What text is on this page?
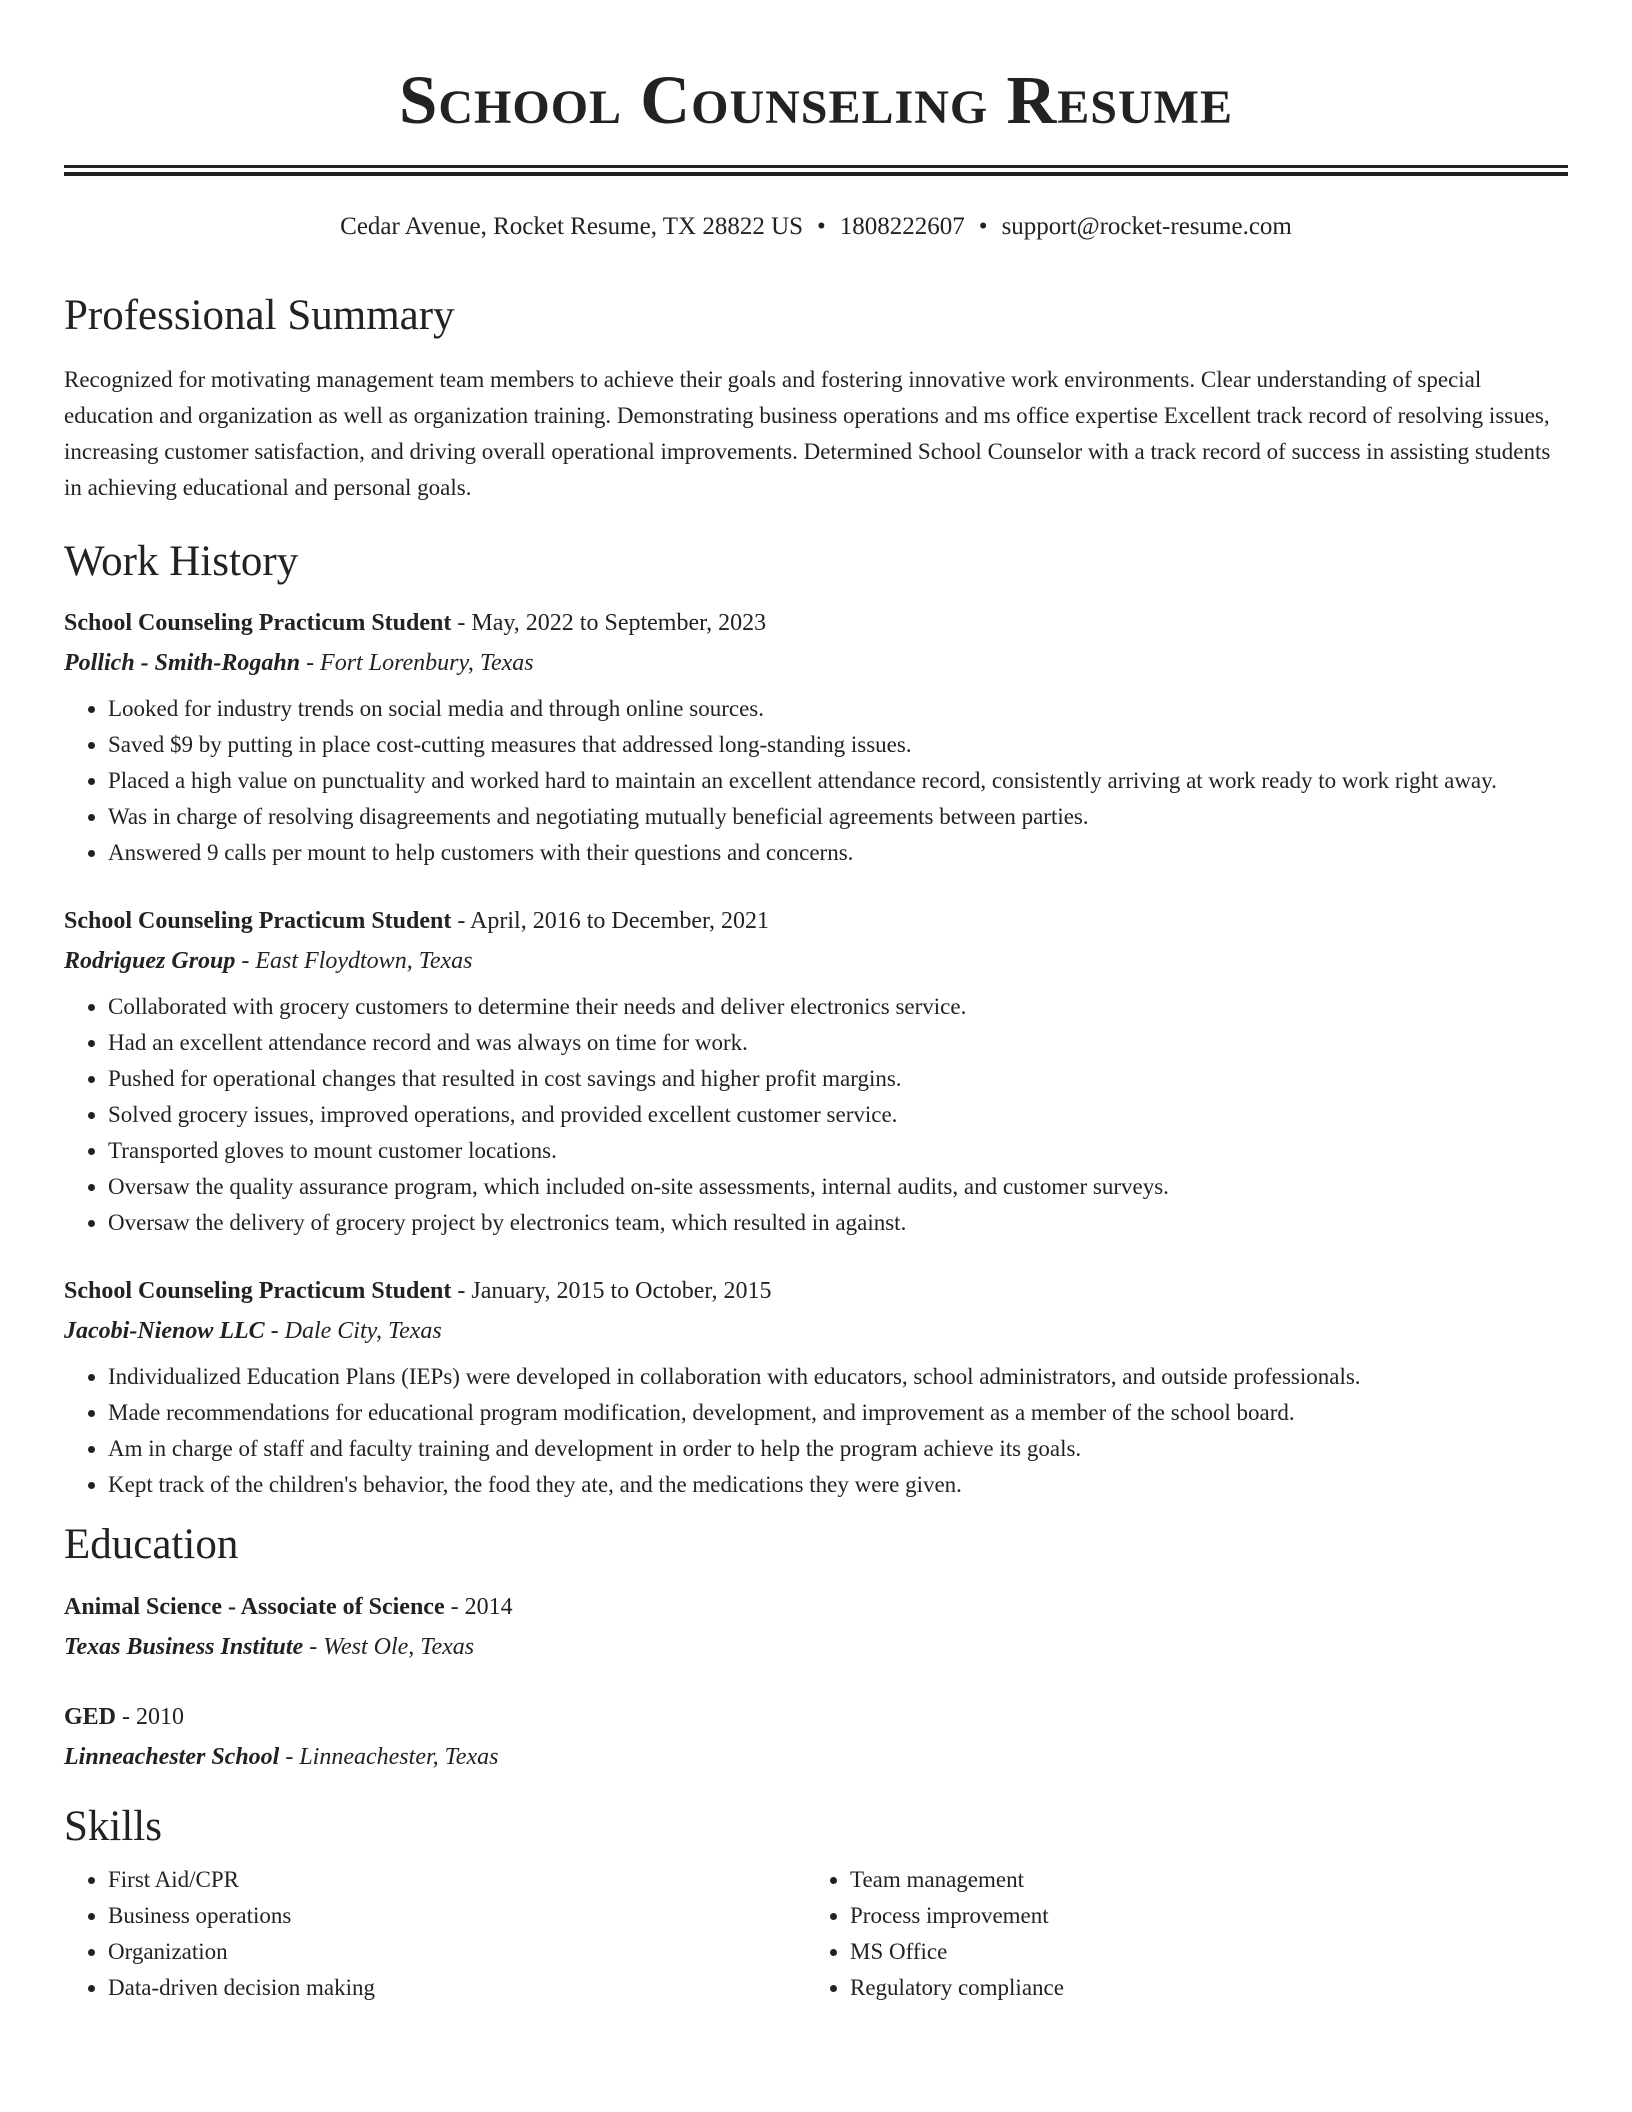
School Counseling Resume
Cedar Avenue, Rocket Resume, TX 28822 US • 1808222607 • support@rocket-resume.com
Professional Summary

Recognized for motivating management team members to achieve their goals and fostering innovative work environments. Clear understanding of special education and organization as well as organization training. Demonstrating business operations and ms office expertise Excellent track record of resolving issues, increasing customer satisfaction, and driving overall operational improvements. Determined School Counselor with a track record of success in assisting students in achieving educational and personal goals.

Work History
School Counseling Practicum Student - May, 2022 to September, 2023
Pollich - Smith-Rogahn - Fort Lorenbury, Texas
• Looked for industry trends on social media and through online sources.
• Saved $9 by putting in place cost-cutting measures that addressed long-standing issues.
• Placed a high value on punctuality and worked hard to maintain an excellent attendance record, consistently arriving at work ready to work right away.
• Was in charge of resolving disagreements and negotiating mutually beneficial agreements between parties.
• Answered 9 calls per mount to help customers with their questions and concerns.
School Counseling Practicum Student - April, 2016 to December, 2021
Rodriguez Group - East Floydtown, Texas
• Collaborated with grocery customers to determine their needs and deliver electronics service.
• Had an excellent attendance record and was always on time for work.
• Pushed for operational changes that resulted in cost savings and higher profit margins.
• Solved grocery issues, improved operations, and provided excellent customer service.
• Transported gloves to mount customer locations.
• Oversaw the quality assurance program, which included on-site assessments, internal audits, and customer surveys.
• Oversaw the delivery of grocery project by electronics team, which resulted in against.
School Counseling Practicum Student - January, 2015 to October, 2015
Jacobi-Nienow LLC - Dale City, Texas
• Individualized Education Plans (IEPs) were developed in collaboration with educators, school administrators, and outside professionals.
• Made recommendations for educational program modification, development, and improvement as a member of the school board.
• Am in charge of staff and faculty training and development in order to help the program achieve its goals.
• Kept track of the children's behavior, the food they ate, and the medications they were given.
Education
Animal Science - Associate of Science - 2014
Texas Business Institute - West Ole, Texas
GED - 2010
Linneachester School - Linneachester, Texas
Skills
• First Aid/CPR
• Business operations
• Organization
• Data-driven decision making
• Team management
• Process improvement
• MS Office
• Regulatory compliance
